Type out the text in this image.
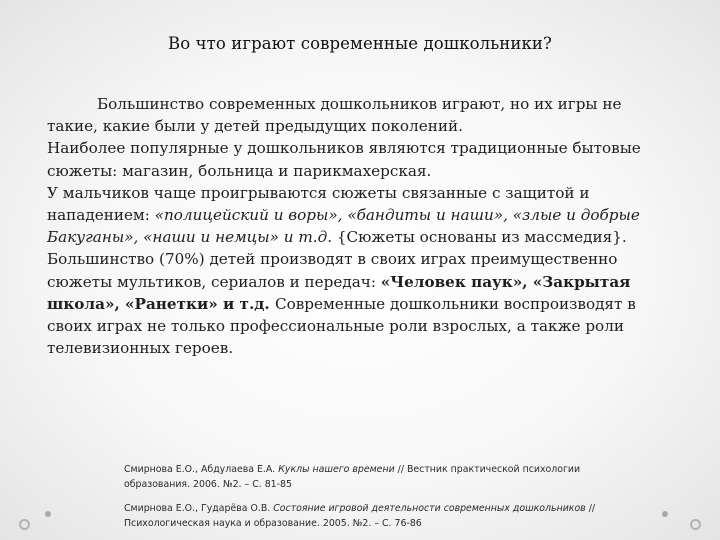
Во что играют современные дошкольники?

Большинство современных дошкольников играют, но их игры не такие, какие были у детей предыдущих поколений.

Наиболее популярные у дошкольников являются традиционные бытовые сюжеты: магазин, больница и парикмахерская.

У мальчиков чаще проигрываются сюжеты связанные с защитой и нападением: «полицейский и воры», «бандиты и наши», «злые и добрые Бакуганы», «наши и немцы» и т.д. {Сюжеты основаны из массмедия}.

Большинство (70%) детей производят в своих играх преимущественно сюжеты мультиков, сериалов и передач: «Человек паук», «Закрытая школа», «Ранетки» и т.д. Современные дошкольники воспроизводят в своих играх не только профессиональные роли взрослых, а также роли телевизионных героев.

Смирнова Е.О., Абдулаева Е.А. Куклы нашего времени // Вестник практической психологии образования. 2006. №2. – С. 81-85

Смирнова Е.О., Гударёва О.В. Состояние игровой деятельности современных дошкольников // Психологическая наука и образование. 2005. №2. – С. 76-86
